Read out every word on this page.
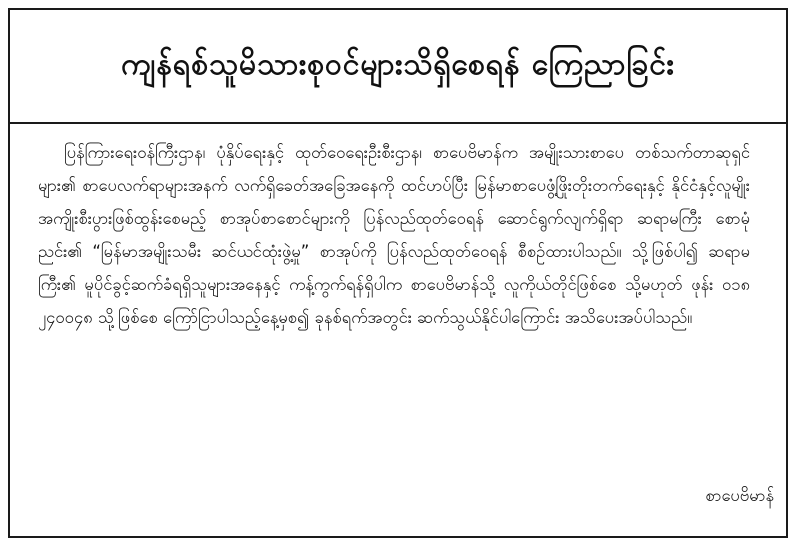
ကျန်ရစ်သူမိသားစုဝင်များသိရှိစေရန် ကြေညာခြင်း

ပြန်ကြားရေးဝန်ကြီးဌာန၊ ပုံနှိပ်ရေးနှင့် ထုတ်ဝေရေးဦးစီးဌာန၊ စာပေဗိမာန်က အမျိုးသားစာပေ တစ်သက်တာဆုရှင်များ၏ စာပေလက်ရာများအနက် လက်ရှိခေတ်အခြေအနေကို ထင်ဟပ်ပြီး မြန်မာစာပေဖွံ့ဖြိုးတိုးတက်ရေးနှင့် နိုင်ငံနှင့်လူမျိုး အကျိုးစီးပွားဖြစ်ထွန်းစေမည့် စာအုပ်စာစောင်များကို ပြန်လည်ထုတ်ဝေရန် ဆောင်ရွက်လျက်ရှိရာ ဆရာမကြီး စောမုံညင်း၏ “မြန်မာအမျိုးသမီး ဆင်ယင်ထုံးဖွဲ့မှု” စာအုပ်ကို ပြန်လည်ထုတ်ဝေရန် စီစဉ်ထားပါသည်။ သို့ဖြစ်ပါ၍ ဆရာမကြီး၏ မူပိုင်ခွင့်ဆက်ခံရရှိသူများအနေနှင့် ကန့်ကွက်ရန်ရှိပါက စာပေဗိမာန်သို့ လူကိုယ်တိုင်ဖြစ်စေ သို့မဟုတ် ဖုန်း ၀၁၈ ၂၄၀၀၄၈ သို့ဖြစ်စေ ကြော်ငြာပါသည့်နေ့မှစ၍ ခုနစ်ရက်အတွင်း ဆက်သွယ်နိုင်ပါကြောင်း အသိပေးအပ်ပါသည်။

စာပေဗိမာန်
